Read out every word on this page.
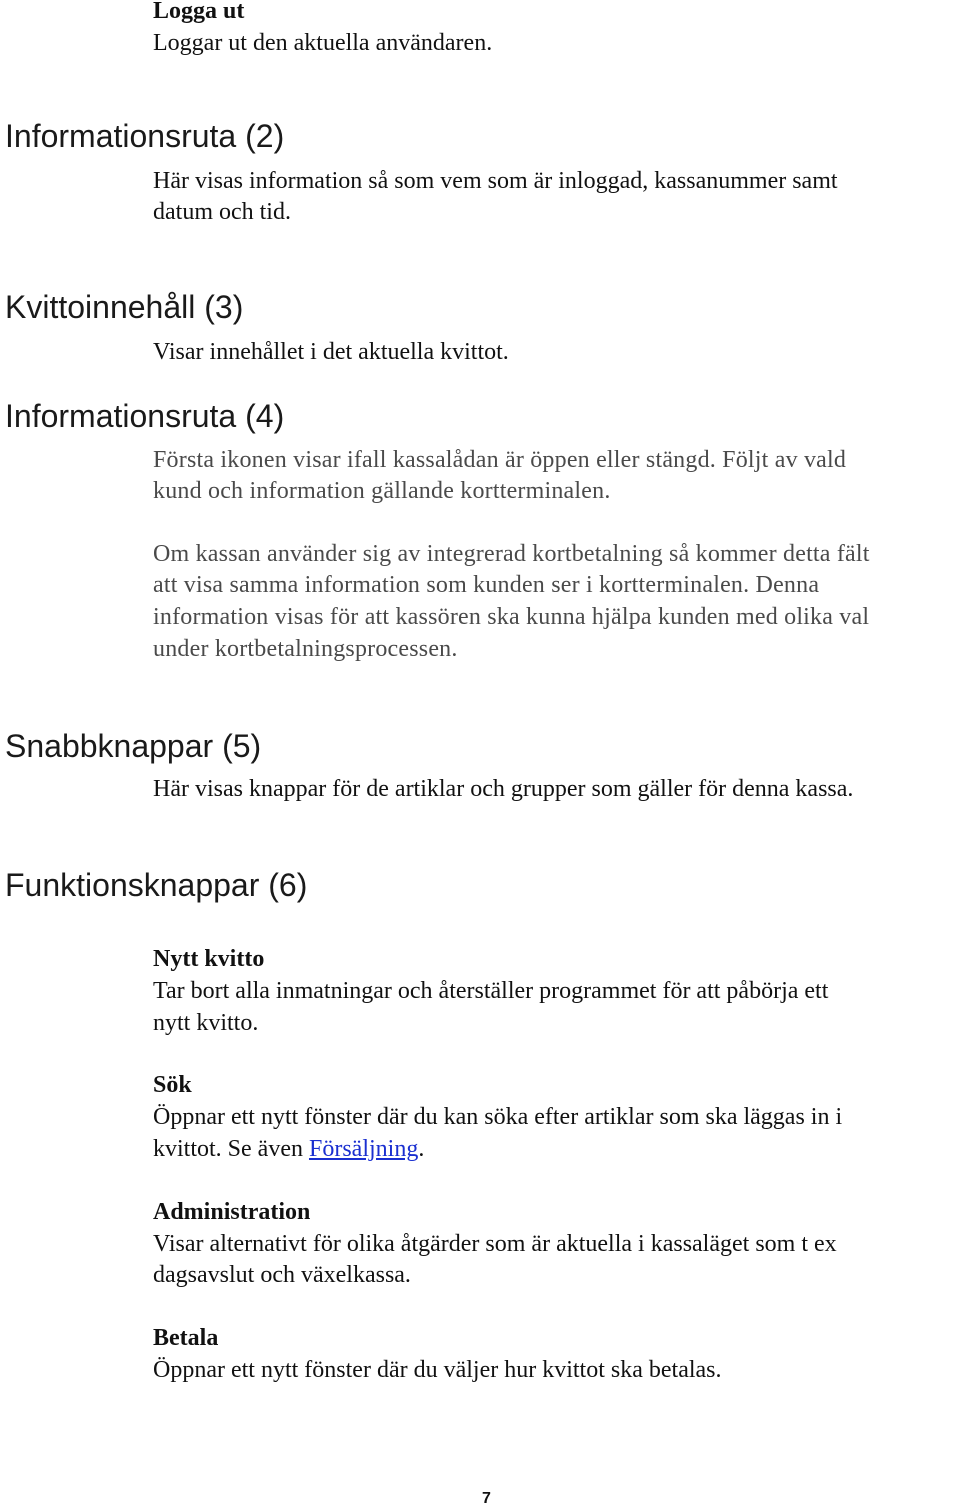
Logga ut
Loggar ut den aktuella användaren.
Informationsruta (2)
Här visas information så som vem som är inloggad, kassanummer samt
datum och tid.
Kvittoinnehåll (3)
Visar innehållet i det aktuella kvittot.
Informationsruta (4)
Första ikonen visar ifall kassalådan är öppen eller stängd. Följt av vald
kund och information gällande kortterminalen.
Om kassan använder sig av integrerad kortbetalning så kommer detta fält
att visa samma information som kunden ser i kortterminalen. Denna
information visas för att kassören ska kunna hjälpa kunden med olika val
under kortbetalningsprocessen.
Snabbknappar (5)
Här visas knappar för de artiklar och grupper som gäller för denna kassa.
Funktionsknappar (6)
Nytt kvitto
Tar bort alla inmatningar och återställer programmet för att påbörja ett
nytt kvitto.
Sök
Öppnar ett nytt fönster där du kan söka efter artiklar som ska läggas in i
kvittot. Se även Försäljning.
Administration
Visar alternativt för olika åtgärder som är aktuella i kassaläget som t ex
dagsavslut och växelkassa.
Betala
Öppnar ett nytt fönster där du väljer hur kvittot ska betalas.
7
